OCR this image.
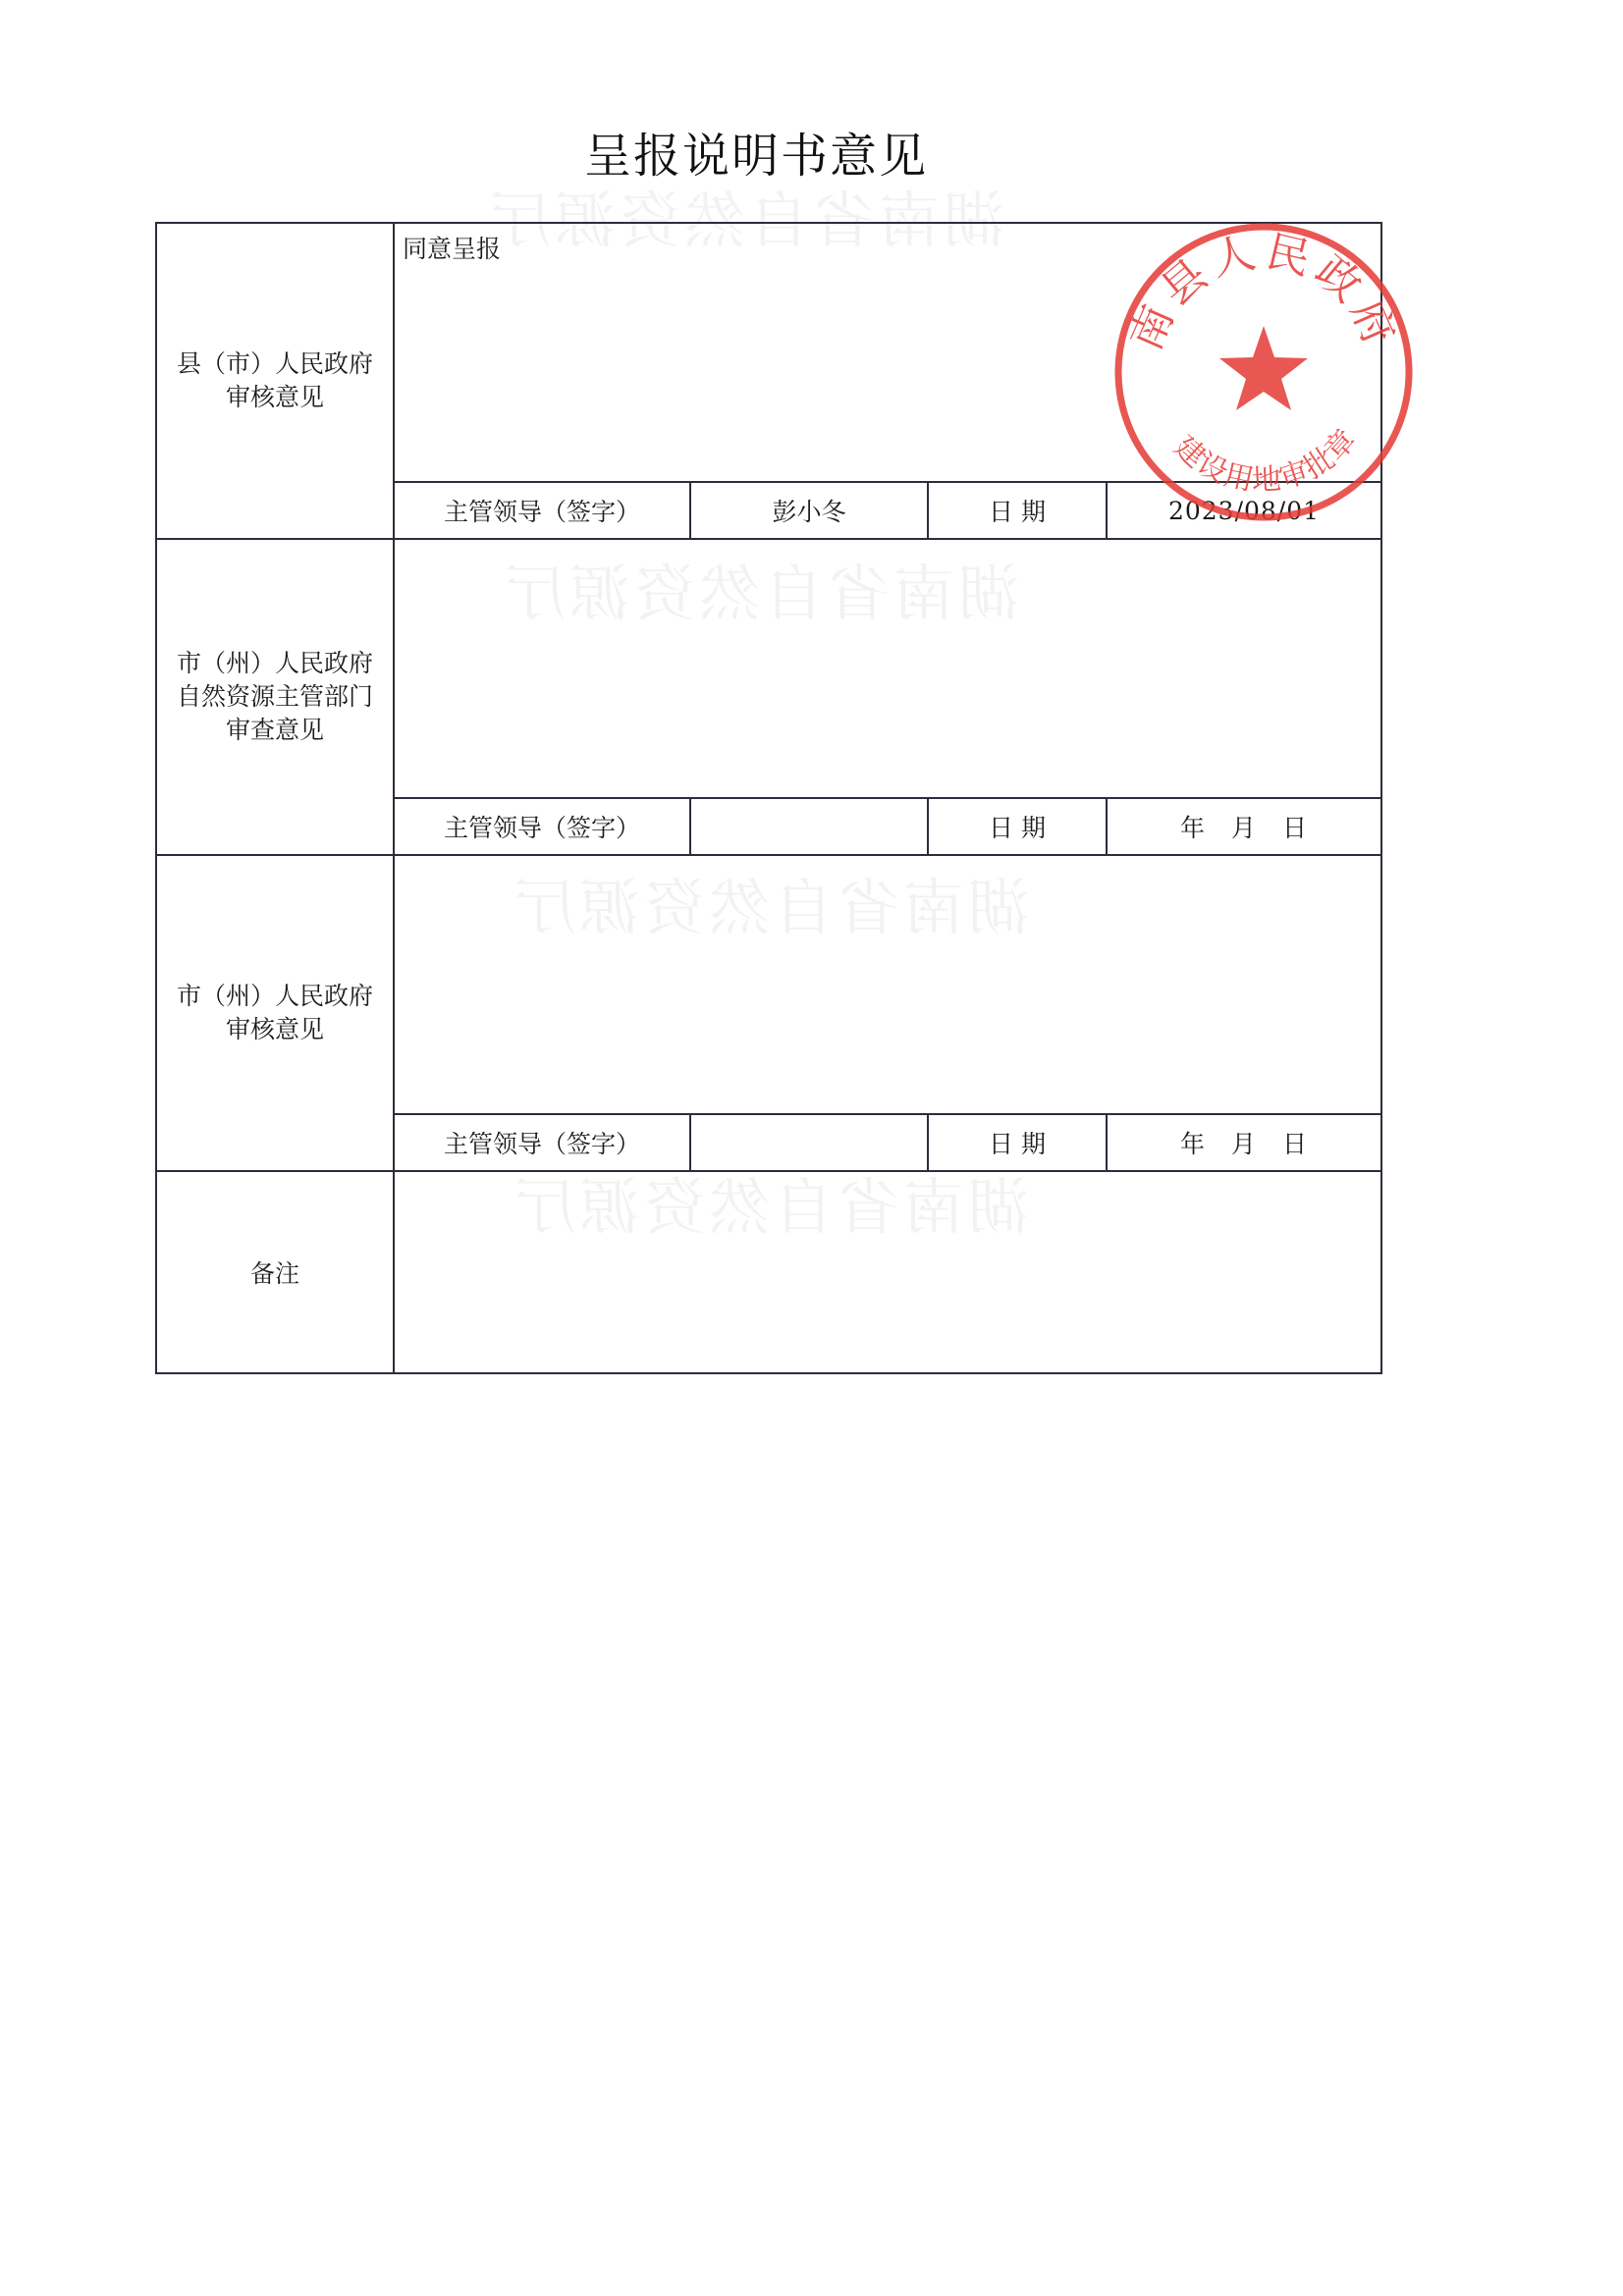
呈报说明书意见
湖南省自然资源厅
湖南省自然资源厅
湖南省自然资源厅
湖南省自然资源厅
县（市）人民政府
审核意见	同意呈报			

	主管领导（签字）	彭小冬	日 期	2023/08/01

市（州）人民政府
自然资源主管部门
审查意见				

	主管领导（签字）		日 期	年　月　日

市（州）人民政府
审核意见				

	主管领导（签字）		日 期	年　月　日
备注				
南县人民政府
建设用地审批章
